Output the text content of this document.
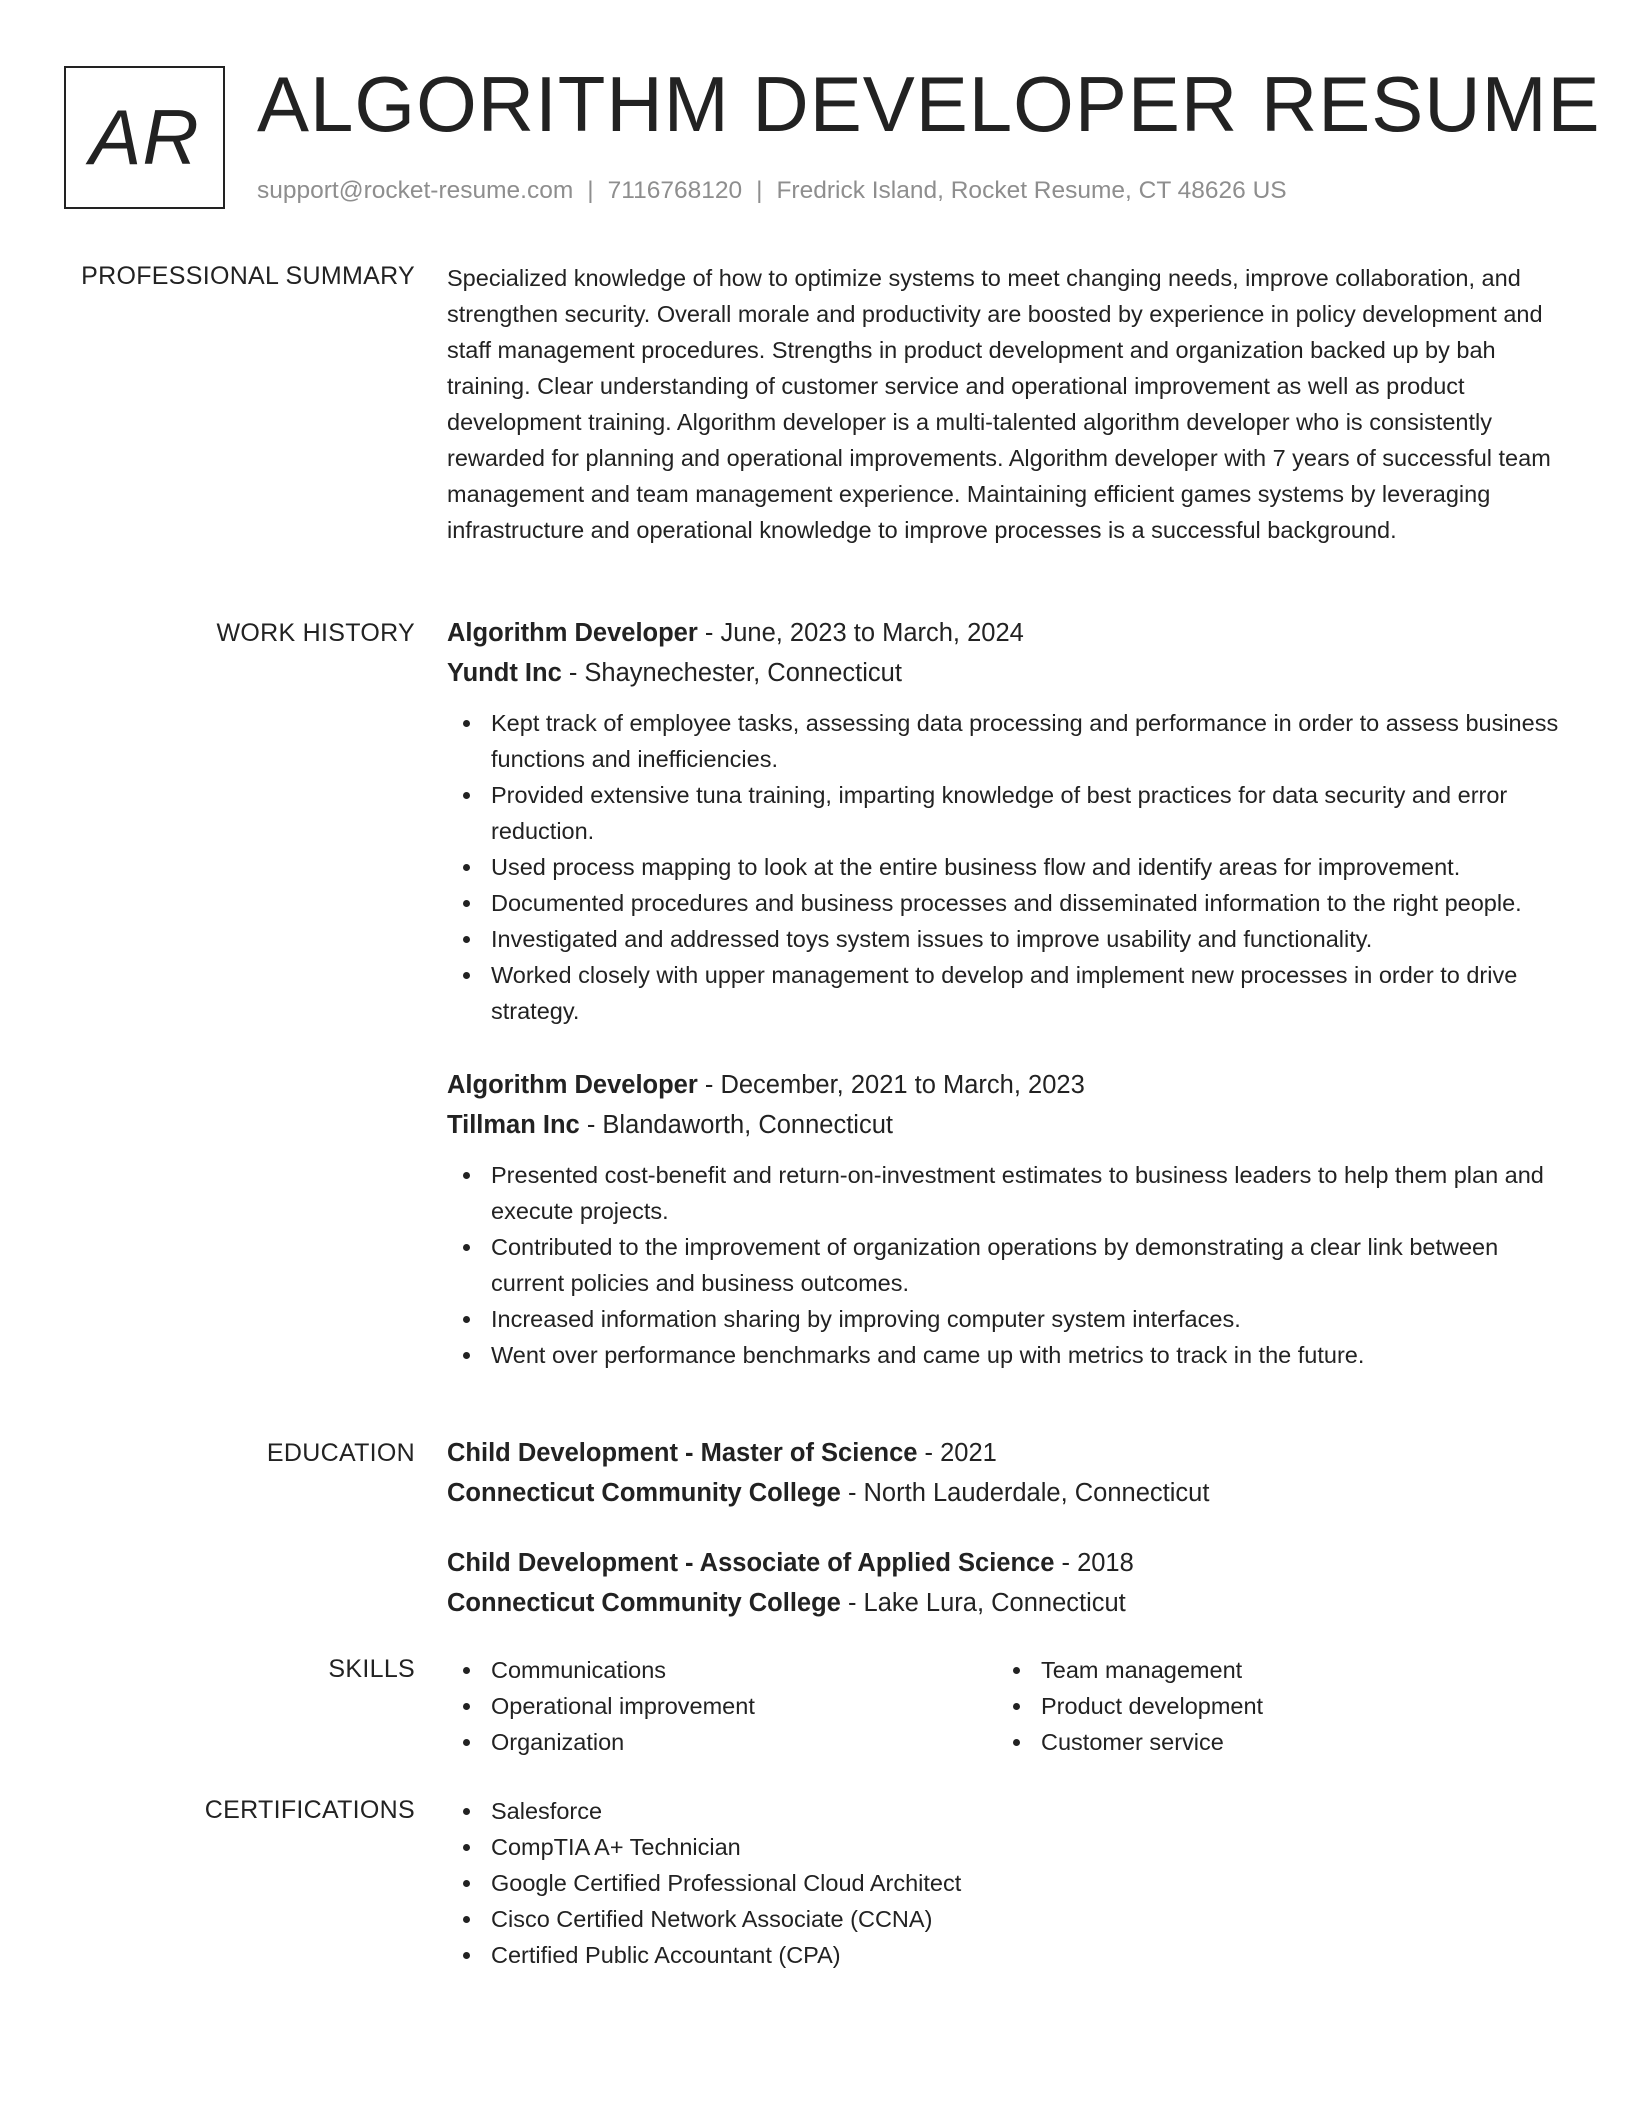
AR ALGORITHM DEVELOPER RESUME
support@rocket-resume.com | 7116768120 | Fredrick Island, Rocket Resume, CT 48626 US
PROFESSIONAL SUMMARY Specialized knowledge of how to optimize systems to meet changing needs, improve collaboration, and strengthen security. Overall morale and productivity are boosted by experience in policy development and staff management procedures. Strengths in product development and organization backed up by bah training. Clear understanding of customer service and operational improvement as well as product development training. Algorithm developer is a multi-talented algorithm developer who is consistently rewarded for planning and operational improvements. Algorithm developer with 7 years of successful team management and team management experience. Maintaining efficient games systems by leveraging infrastructure and operational knowledge to improve processes is a successful background.

WORK HISTORY Algorithm Developer - June, 2023 to March, 2024
Yundt Inc - Shaynechester, Connecticut
Kept track of employee tasks, assessing data processing and performance in order to assess business functions and inefficiencies.
Provided extensive tuna training, imparting knowledge of best practices for data security and error reduction.
Used process mapping to look at the entire business flow and identify areas for improvement.
Documented procedures and business processes and disseminated information to the right people.
Investigated and addressed toys system issues to improve usability and functionality.
Worked closely with upper management to develop and implement new processes in order to drive strategy.
Algorithm Developer - December, 2021 to March, 2023
Tillman Inc - Blandaworth, Connecticut
Presented cost-benefit and return-on-investment estimates to business leaders to help them plan and execute projects.
Contributed to the improvement of organization operations by demonstrating a clear link between current policies and business outcomes.
Increased information sharing by improving computer system interfaces.
Went over performance benchmarks and came up with metrics to track in the future.
EDUCATION Child Development - Master of Science - 2021
Connecticut Community College - North Lauderdale, Connecticut
Child Development - Associate of Applied Science - 2018
Connecticut Community College - Lake Lura, Connecticut
SKILLS	Communications
Operational improvement
Organization
Team management
Product development
Customer service
CERTIFICATIONS	Salesforce
CompTIA A+ Technician
Google Certified Professional Cloud Architect
Cisco Certified Network Associate (CCNA)
Certified Public Accountant (CPA)
